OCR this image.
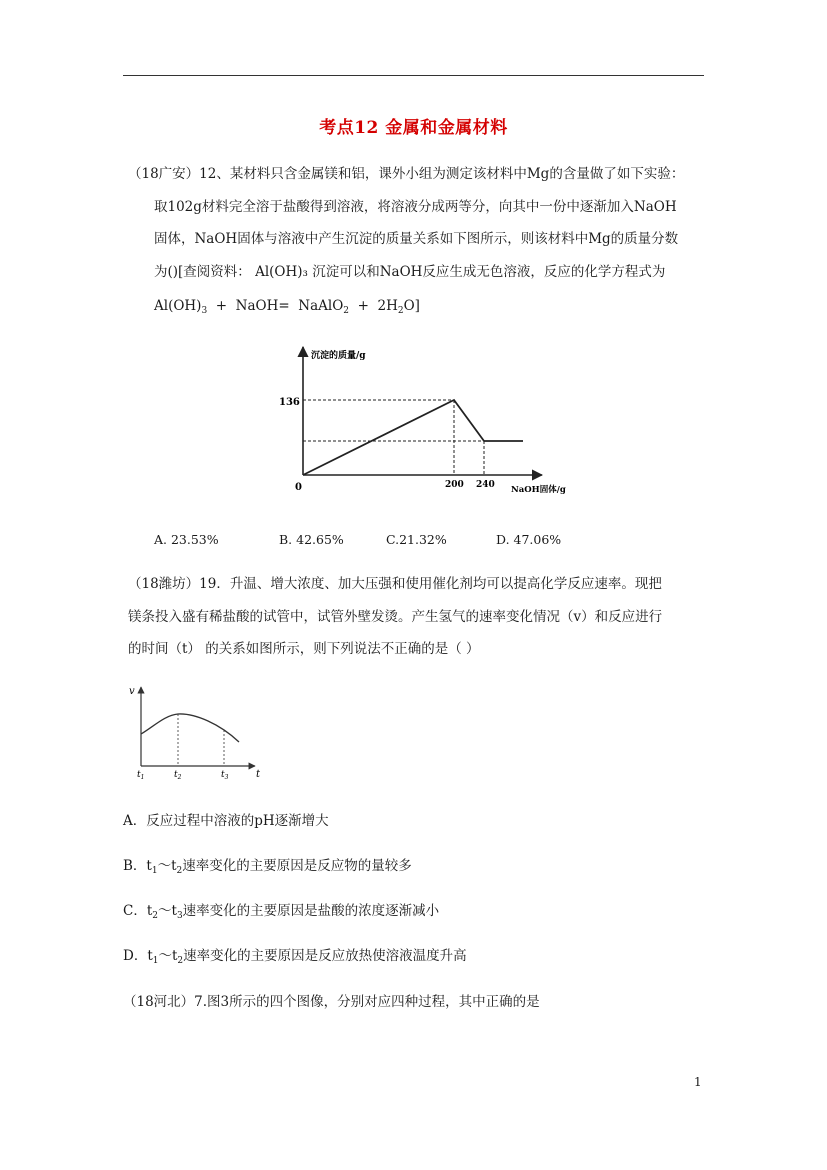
考点12 金属和金属材料
（18广安）12、某材料只含金属镁和铝，课外小组为测定该材料中Mg的含量做了如下实验：
取102g材料完全溶于盐酸得到溶液，将溶液分成两等分，向其中一份中逐渐加入NaOH
固体，NaOH固体与溶液中产生沉淀的质量关系如下图所示，则该材料中Mg的质量分数
为()[查阅资料： Al(OH)₃ 沉淀可以和NaOH反应生成无色溶液，反应的化学方程式为
$Al(OH)_3$  +  NaOH=  NaAlO$_2$  +  $2H_2O$]
沉淀的质量/g
NaOH固体/g
0
136
200 240
A. 23.53%	B. 42.65%	C.21.32%	D. 47.06%
（18潍坊）19．升温、增大浓度、加大压强和使用催化剂均可以提高化学反应速率。现把
镁条投入盛有稀盐酸的试管中，试管外壁发烫。产生氢气的速率变化情况（v）和反应进行
的时间（t） 的关系如图所示，则下列说法不正确的是（ ）
v
t
$t_1$	$t_2$	$t_3$
A．反应过程中溶液的pH逐渐增大
B．$t_1\sim t_2$速率变化的主要原因是反应物的量较多
C．$t_2\sim t_3$速率变化的主要原因是盐酸的浓度逐渐减小
D．$t_1\sim t_2$速率变化的主要原因是反应放热使溶液温度升高
（18河北）7.图3所示的四个图像，分别对应四种过程，其中正确的是
1
